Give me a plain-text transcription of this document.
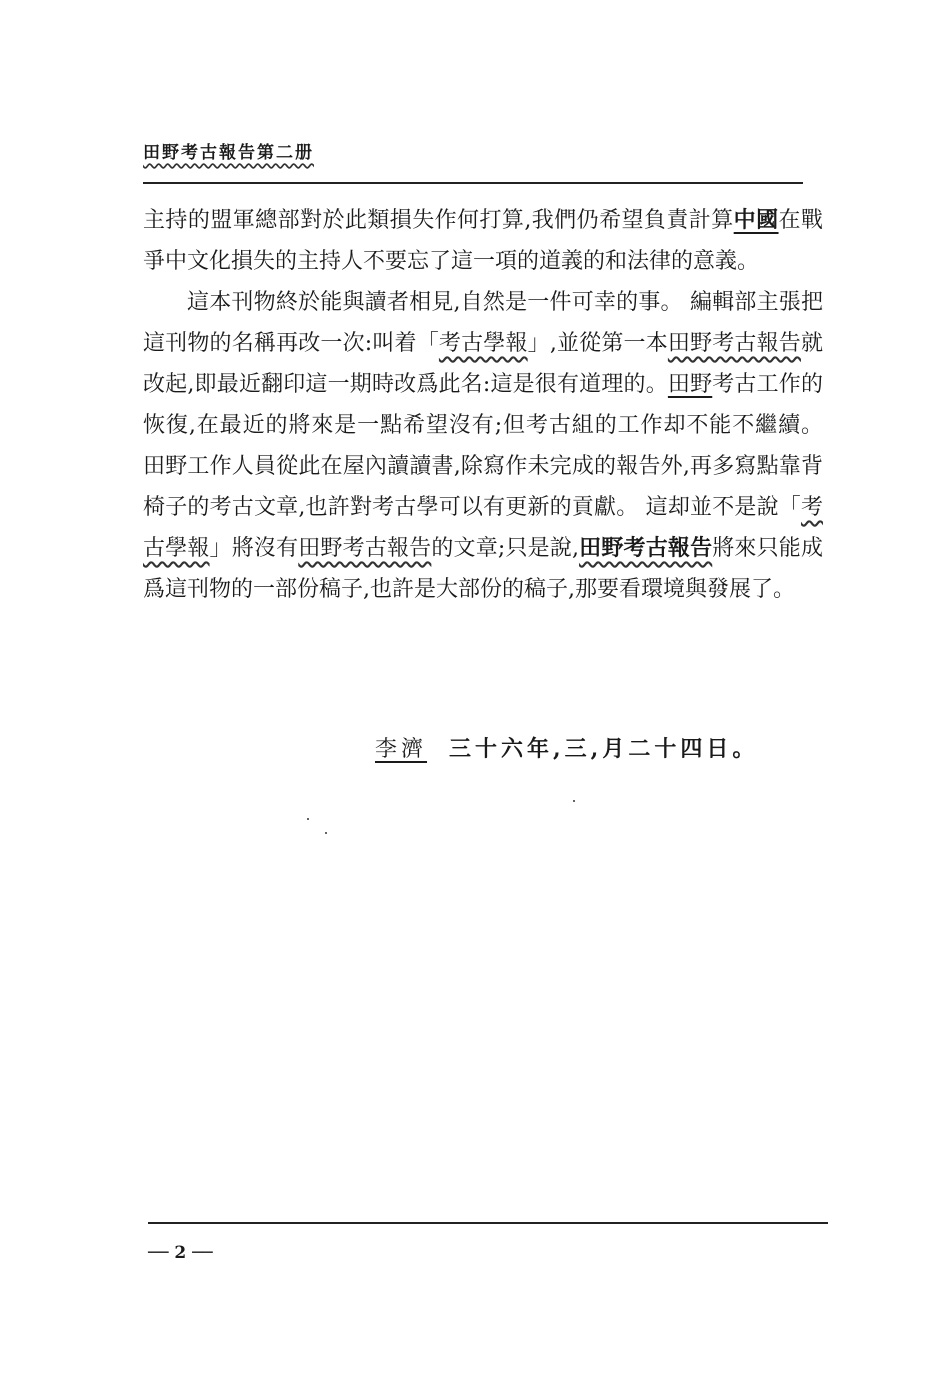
田野考古報告第二册

主持的盟軍總部對於此類損失作何打算,我們仍希望負責計算中國在戰爭中文化損失的主持人不要忘了這一項的道義的和法律的意義。

這本刊物終於能與讀者相見,自然是一件可幸的事。 編輯部主張把這刊物的名稱再改一次:叫着「考古學報」,並從第一本田野考古報告就改起,即最近翻印這一期時改爲此名:這是很有道理的。田野考古工作的恢復,在最近的將來是一點希望沒有;但考古組的工作却不能不繼續。 田野工作人員從此在屋內讀讀書,除寫作未完成的報告外,再多寫點靠背椅子的考古文章,也許對考古學可以有更新的貢獻。 這却並不是說「考古學報」將沒有田野考古報告的文章;只是說,田野考古報告將來只能成爲這刊物的一部份稿子,也許是大部份的稿子,那要看環境與發展了。

李濟 三十六年,三,月二十四日。
── 2 ──
